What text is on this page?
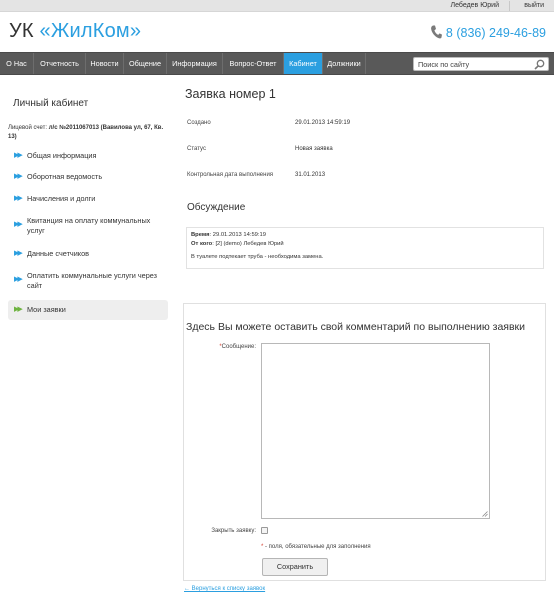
Лебедев Юрий	выйти
УК «ЖилКом»	8 (836) 249-46-89
О Нас	Отчетность	Новости	Общение	Информация	Вопрос-Ответ	Кабинет	Должники
Поиск по сайту
Личный кабинет
Лицевой счет: л/с №2011067013 (Вавилова ул, 67, Кв. 13)
▶▶ Общая информация
▶▶ Оборотная ведомость
▶▶ Начисления и долги
▶▶ Квитанция на оплату коммунальных услуг
▶▶ Данные счетчиков
▶▶ Оплатить коммунальные услуги через сайт
▶▶ Мои заявки
Заявка номер 1
Создано	29.01.2013 14:59:19
Статус	Новая заявка
Контрольная дата выполнения	31.01.2013
Обсуждение
Время: 29.01.2013 14:59:19
От кого: [2] (demo) Лебедев Юрий
В туалете подтекает труба - необходима замена.
Здесь Вы можете оставить свой комментарий по выполнению заявки
*Сообщение:
Закрыть заявку:
* - поля, обязательные для заполнения
Сохранить
← Вернуться к списку заявок
